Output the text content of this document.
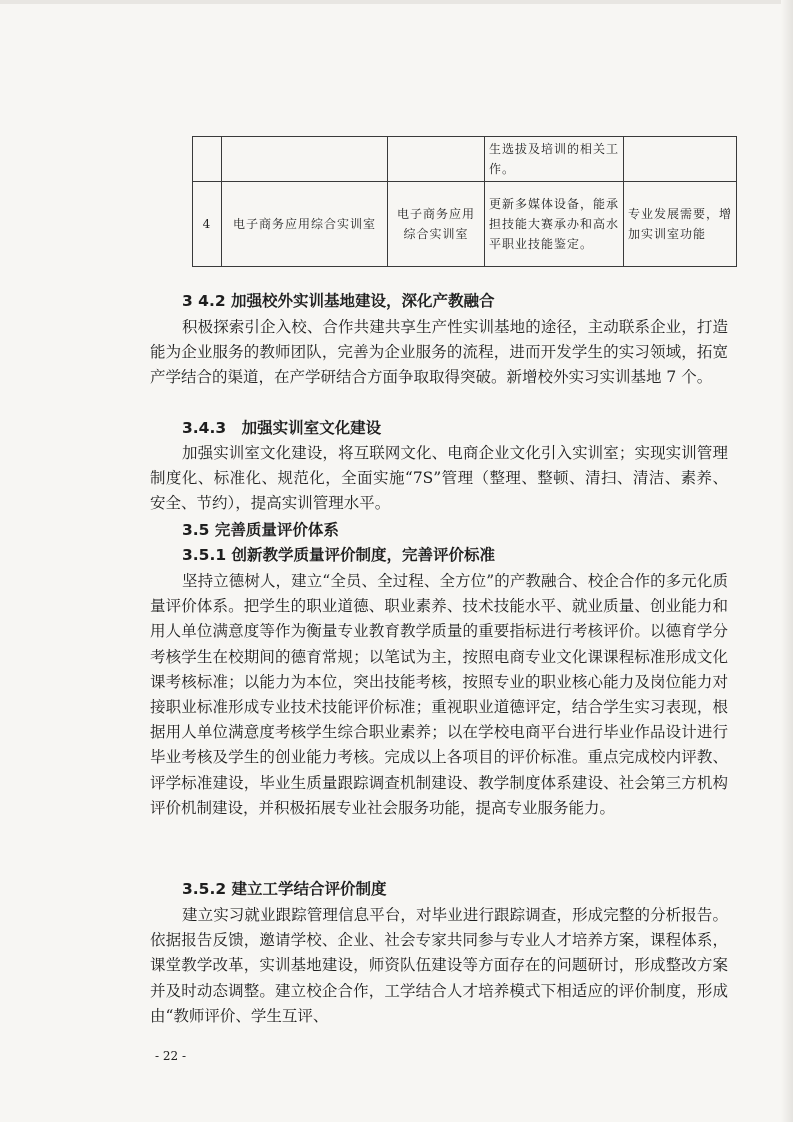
			生选拔及培训的相关工作。	
4	电子商务应用综合实训室	电子商务应用综合实训室	更新多媒体设备，能承担技能大赛承办和高水平职业技能鉴定。	专业发展需要，增加实训室功能
3 4.2 加强校外实训基地建设，深化产教融合
积极探索引企入校、合作共建共享生产性实训基地的途径，主动联系企业，打造能为企业服务的教师团队，完善为企业服务的流程，进而开发学生的实习领域，拓宽产学结合的渠道，在产学研结合方面争取取得突破。新增校外实习实训基地 7 个。
3.4.3　加强实训室文化建设
加强实训室文化建设，将互联网文化、电商企业文化引入实训室；实现实训管理制度化、标准化、规范化，全面实施“7S”管理（整理、整顿、清扫、清洁、素养、安全、节约），提高实训管理水平。
3.5 完善质量评价体系
3.5.1 创新教学质量评价制度，完善评价标准
坚持立德树人，建立“全员、全过程、全方位”的产教融合、校企合作的多元化质量评价体系。把学生的职业道德、职业素养、技术技能水平、就业质量、创业能力和用人单位满意度等作为衡量专业教育教学质量的重要指标进行考核评价。以德育学分考核学生在校期间的德育常规；以笔试为主，按照电商专业文化课课程标准形成文化课考核标准；以能力为本位，突出技能考核，按照专业的职业核心能力及岗位能力对接职业标准形成专业技术技能评价标准；重视职业道德评定，结合学生实习表现，根据用人单位满意度考核学生综合职业素养；以在学校电商平台进行毕业作品设计进行毕业考核及学生的创业能力考核。完成以上各项目的评价标准。重点完成校内评教、评学标准建设，毕业生质量跟踪调查机制建设、教学制度体系建设、社会第三方机构评价机制建设，并积极拓展专业社会服务功能，提高专业服务能力。
3.5.2 建立工学结合评价制度
建立实习就业跟踪管理信息平台，对毕业进行跟踪调查，形成完整的分析报告。依据报告反馈，邀请学校、企业、社会专家共同参与专业人才培养方案，课程体系，课堂教学改革，实训基地建设，师资队伍建设等方面存在的问题研讨，形成整改方案并及时动态调整。建立校企合作，工学结合人才培养模式下相适应的评价制度，形成由“教师评价、学生互评、
- 22 -
